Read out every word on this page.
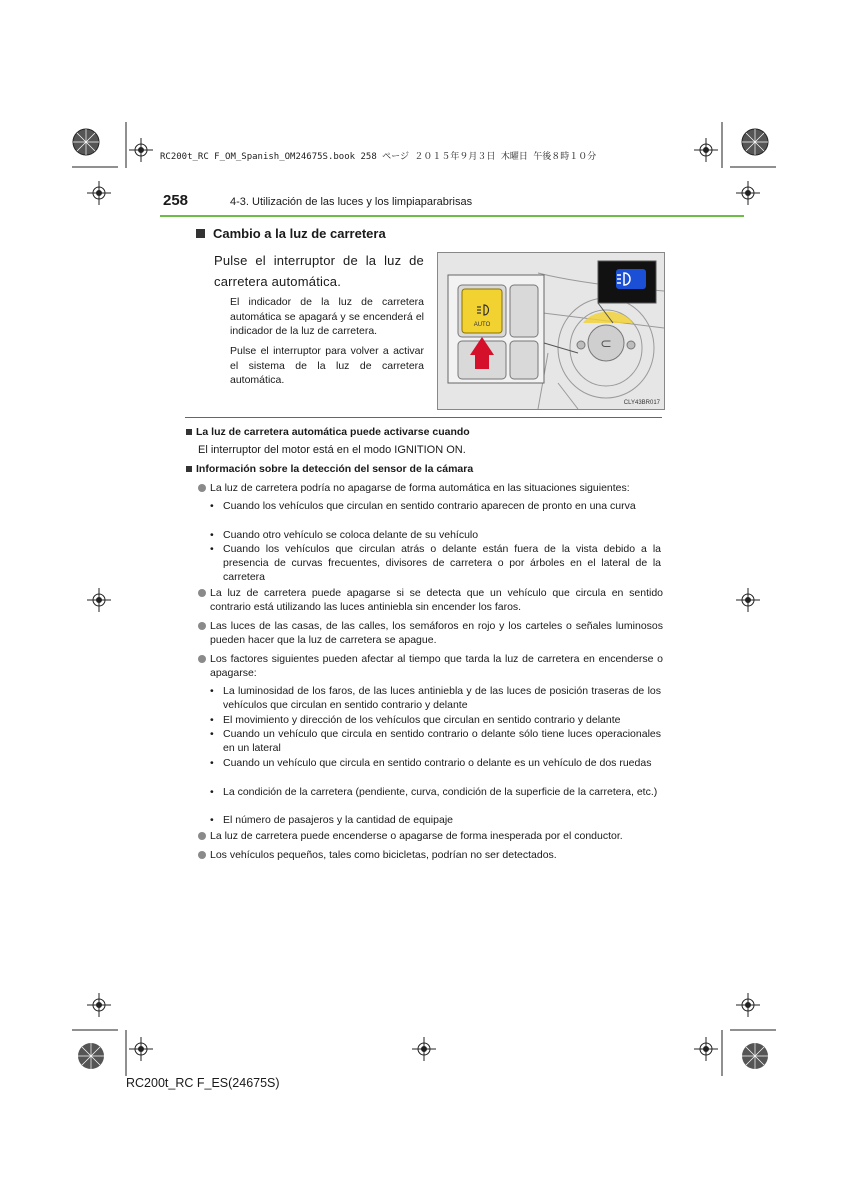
RC200t_RC F_OM_Spanish_OM24675S.book 258 ページ ２０１５年９月３日 木曜日 午後８時１０分
258	4-3. Utilización de las luces y los limpiaparabrisas
Cambio a la luz de carretera
Pulse el interruptor de la luz de carretera automática.
El indicador de la luz de carretera automática se apagará y se encenderá el indicador de la luz de carretera.
Pulse el interruptor para volver a activar el sistema de la luz de carretera automática.
⊂
AUTO
CLY43BR017
La luz de carretera automática puede activarse cuando
El interruptor del motor está en el modo IGNITION ON.
Información sobre la detección del sensor de la cámara
La luz de carretera podría no apagarse de forma automática en las situaciones siguientes:
• Cuando los vehículos que circulan en sentido contrario aparecen de pronto en una curva
• Cuando otro vehículo se coloca delante de su vehículo
• Cuando los vehículos que circulan atrás o delante están fuera de la vista debido a la presencia de curvas frecuentes, divisores de carretera o por árboles en el lateral de la carretera
La luz de carretera puede apagarse si se detecta que un vehículo que circula en sentido contrario está utilizando las luces antiniebla sin encender los faros.
Las luces de las casas, de las calles, los semáforos en rojo y los carteles o señales luminosos pueden hacer que la luz de carretera se apague.
Los factores siguientes pueden afectar al tiempo que tarda la luz de carretera en encenderse o apagarse:
• La luminosidad de los faros, de las luces antiniebla y de las luces de posición traseras de los vehículos que circulan en sentido contrario y delante
• El movimiento y dirección de los vehículos que circulan en sentido contrario y delante
• Cuando un vehículo que circula en sentido contrario o delante sólo tiene luces operacionales en un lateral
• Cuando un vehículo que circula en sentido contrario o delante es un vehículo de dos ruedas
• La condición de la carretera (pendiente, curva, condición de la superficie de la carretera, etc.)
• El número de pasajeros y la cantidad de equipaje
La luz de carretera puede encenderse o apagarse de forma inesperada por el conductor.
Los vehículos pequeños, tales como bicicletas, podrían no ser detectados.
RC200t_RC F_ES(24675S)
